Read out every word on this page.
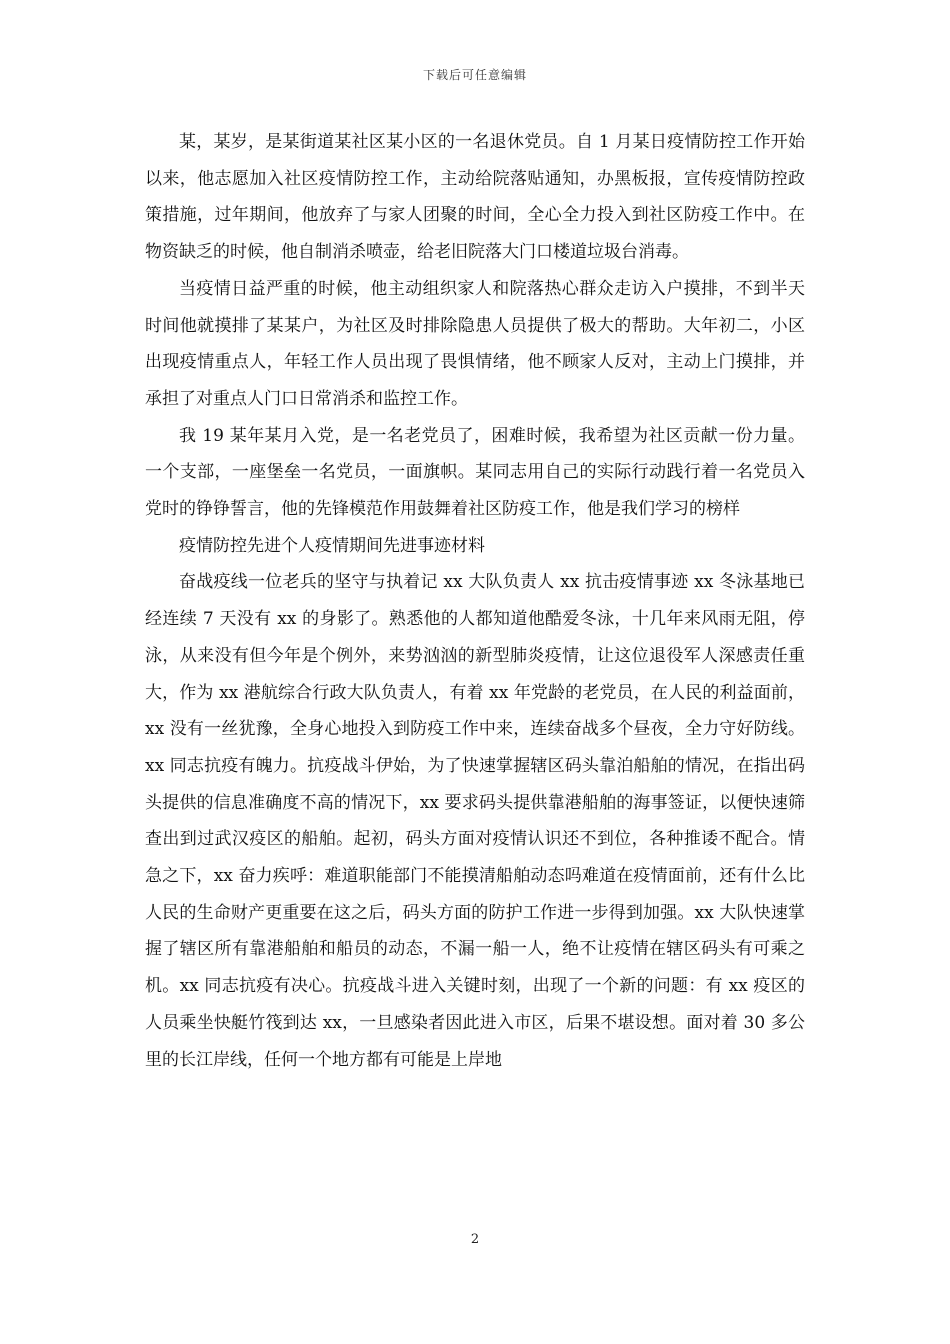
下载后可任意编辑

某，某岁，是某街道某社区某小区的一名退休党员。自 1 月某日疫情防控工作开始以来，他志愿加入社区疫情防控工作，主动给院落贴通知，办黑板报，宣传疫情防控政策措施，过年期间，他放弃了与家人团聚的时间，全心全力投入到社区防疫工作中。在物资缺乏的时候，他自制消杀喷壶，给老旧院落大门口楼道垃圾台消毒。

当疫情日益严重的时候，他主动组织家人和院落热心群众走访入户摸排，不到半天时间他就摸排了某某户，为社区及时排除隐患人员提供了极大的帮助。大年初二，小区出现疫情重点人，年轻工作人员出现了畏惧情绪，他不顾家人反对，主动上门摸排，并承担了对重点人门口日常消杀和监控工作。

我 19 某年某月入党，是一名老党员了，困难时候，我希望为社区贡献一份力量。一个支部，一座堡垒一名党员，一面旗帜。某同志用自己的实际行动践行着一名党员入党时的铮铮誓言，他的先锋模范作用鼓舞着社区防疫工作，他是我们学习的榜样

疫情防控先进个人疫情期间先进事迹材料

奋战疫线一位老兵的坚守与执着记 xx 大队负责人 xx 抗击疫情事迹 xx 冬泳基地已经连续 7 天没有 xx 的身影了。熟悉他的人都知道他酷爱冬泳，十几年来风雨无阻，停泳，从来没有但今年是个例外，来势汹汹的新型肺炎疫情，让这位退役军人深感责任重大，作为 xx 港航综合行政大队负责人，有着 xx 年党龄的老党员，在人民的利益面前，xx 没有一丝犹豫，全身心地投入到防疫工作中来，连续奋战多个昼夜，全力守好防线。xx 同志抗疫有魄力。抗疫战斗伊始，为了快速掌握辖区码头靠泊船舶的情况，在指出码头提供的信息准确度不高的情况下，xx 要求码头提供靠港船舶的海事签证，以便快速筛查出到过武汉疫区的船舶。起初，码头方面对疫情认识还不到位，各种推诿不配合。情急之下，xx 奋力疾呼：难道职能部门不能摸清船舶动态吗难道在疫情面前，还有什么比人民的生命财产更重要在这之后，码头方面的防护工作进一步得到加强。xx 大队快速掌握了辖区所有靠港船舶和船员的动态，不漏一船一人，绝不让疫情在辖区码头有可乘之机。xx 同志抗疫有决心。抗疫战斗进入关键时刻，出现了一个新的问题：有 xx 疫区的人员乘坐快艇竹筏到达 xx，一旦感染者因此进入市区，后果不堪设想。面对着 30 多公里的长江岸线，任何一个地方都有可能是上岸地

2
